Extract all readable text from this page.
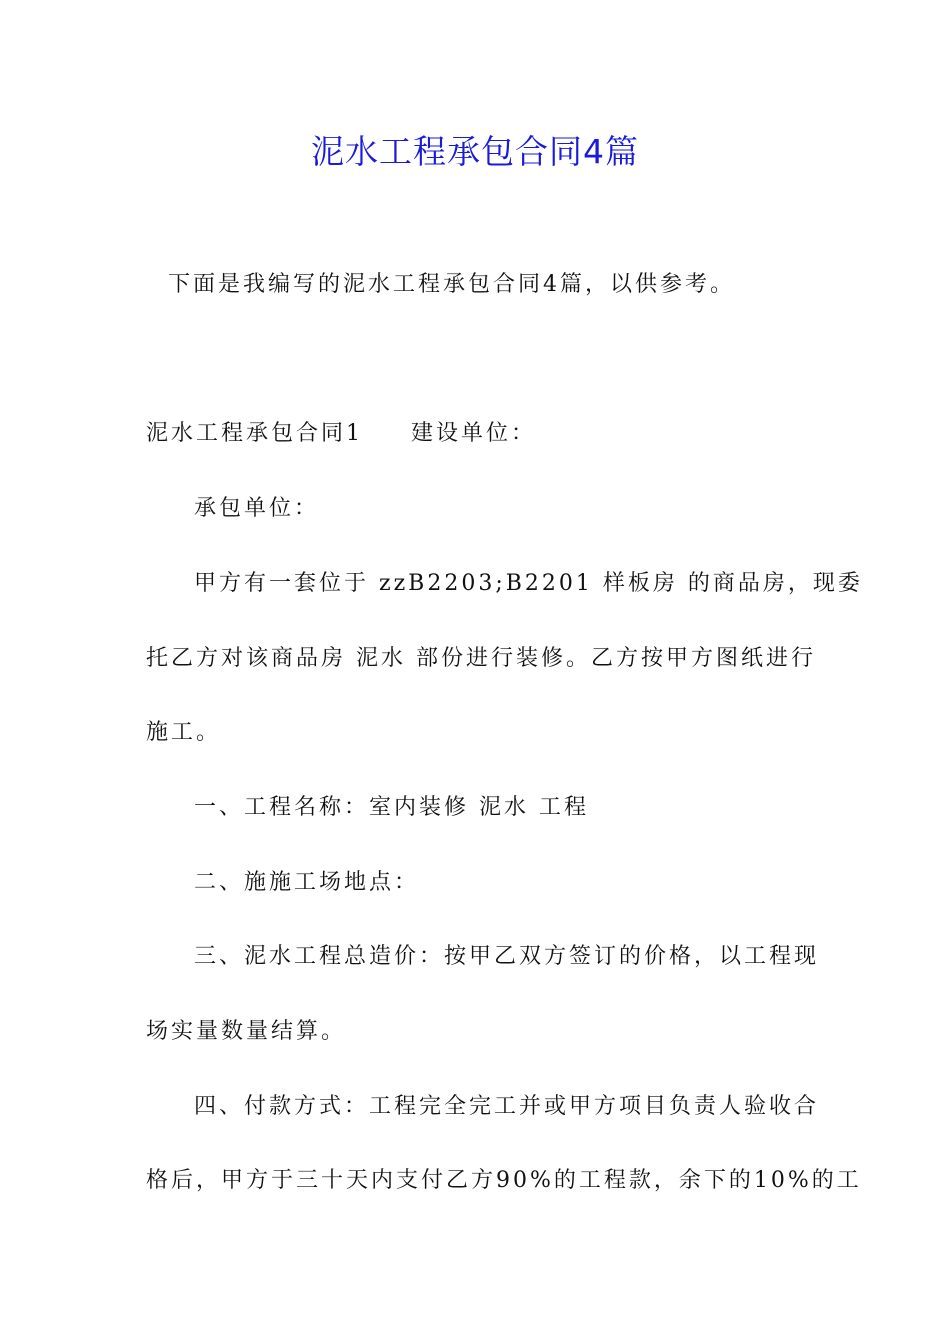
泥水工程承包合同4篇
下面是我编写的泥水工程承包合同4篇，以供参考。
泥水工程承包合同1 建设单位：
承包单位：
甲方有一套位于 zzB2203;B2201 样板房 的商品房，现委
托乙方对该商品房 泥水 部份进行装修。乙方按甲方图纸进行
施工。
一、工程名称：室内装修 泥水 工程
二、施施工场地点：
三、泥水工程总造价：按甲乙双方签订的价格，以工程现
场实量数量结算。
四、付款方式：工程完全完工并或甲方项目负责人验收合
格后，甲方于三十天内支付乙方90%的工程款，余下的10%的工
